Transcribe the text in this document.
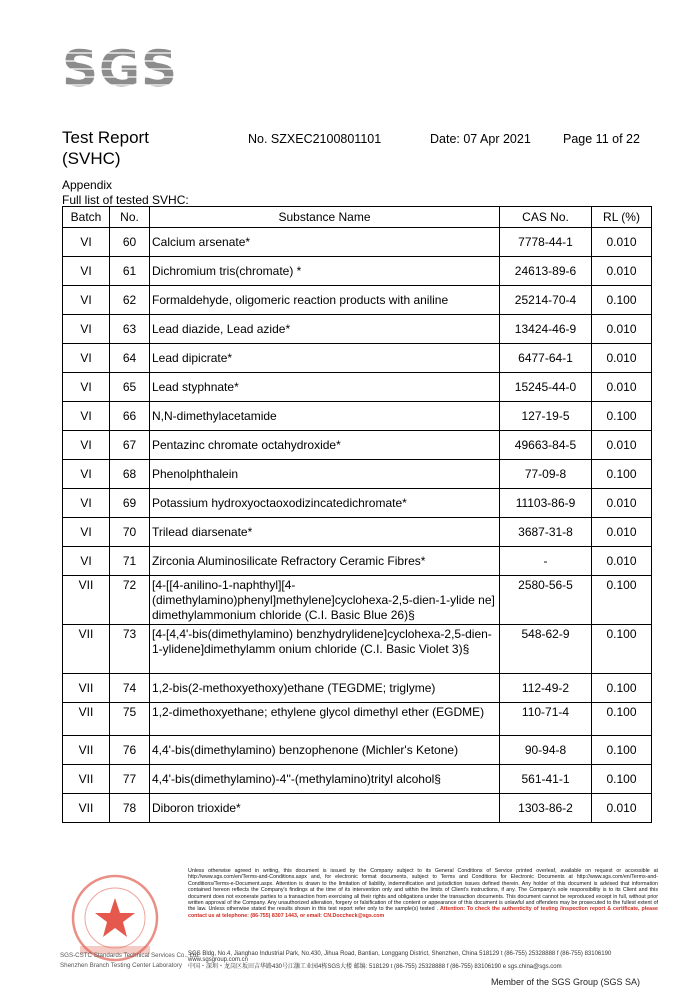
SGS
Test Report
(SVHC)
No. SZXEC2100801101	Date: 07 Apr 2021	Page 11 of 22
Appendix
Full list of tested SVHC:
Batch	No.	Substance Name	CAS No.	RL (%)
VI	60	Calcium arsenate*	7778-44-1	0.010
VI	61	Dichromium tris(chromate) *	24613-89-6	0.010
VI	62	Formaldehyde, oligomeric reaction products with aniline	25214-70-4	0.100
VI	63	Lead diazide, Lead azide*	13424-46-9	0.010
VI	64	Lead dipicrate*	6477-64-1	0.010
VI	65	Lead styphnate*	15245-44-0	0.010
VI	66	N,N-dimethylacetamide	127-19-5	0.100
VI	67	Pentazinc chromate octahydroxide*	49663-84-5	0.010
VI	68	Phenolphthalein	77-09-8	0.100
VI	69	Potassium hydroxyoctaoxodizincatedichromate*	11103-86-9	0.010
VI	70	Trilead diarsenate*	3687-31-8	0.010
VI	71	Zirconia Aluminosilicate Refractory Ceramic Fibres*	-	0.010
VII	72	[4-[[4-anilino-1-naphthyl][4-(dimethylamino)phenyl]methylene]cyclohexa-2,5-dien-1-ylide ne] dimethylammonium chloride (C.I. Basic Blue 26)§	2580-56-5	0.100
VII	73	[4-[4,4'-bis(dimethylamino) benzhydrylidene]cyclohexa-2,5-dien-1-ylidene]dimethylamm onium chloride (C.I. Basic Violet 3)§	548-62-9	0.100
VII	74	1,2-bis(2-methoxyethoxy)ethane (TEGDME; triglyme)	112-49-2	0.100
VII	75	1,2-dimethoxyethane; ethylene glycol dimethyl ether (EGDME)	110-71-4	0.100
VII	76	4,4'-bis(dimethylamino) benzophenone (Michler's Ketone)	90-94-8	0.100
VII	77	4,4'-bis(dimethylamino)-4''-(methylamino)trityl alcohol§	561-41-1	0.100
VII	78	Diboron trioxide*	1303-86-2	0.010
Unless otherwise agreed in writing, this document is issued by the Company subject to its General Conditions of Service printed overleaf, available on request or accessible at http://www.sgs.com/en/Terms-and-Conditions.aspx and, for electronic format documents, subject to Terms and Conditions for Electronic Documents at http://www.sgs.com/en/Terms-and-Conditions/Terms-e-Document.aspx. Attention is drawn to the limitation of liability, indemnification and jurisdiction issues defined therein. Any holder of this document is advised that information contained hereon reflects the Company's findings at the time of its intervention only and within the limits of Client's instructions, if any. The Company's sole responsibility is to its Client and this document does not exonerate parties to a transaction from exercising all their rights and obligations under the transaction documents. This document cannot be reproduced except in full, without prior written approval of the Company. Any unauthorized alteration, forgery or falsification of the content or appearance of this document is unlawful and offenders may be prosecuted to the fullest extent of the law. Unless otherwise stated the results shown in this test report refer only to the sample(s) tested . Attention: To check the authenticity of testing /inspection report & certificate, please contact us at telephone: (86-755) 8307 1443, or email: CN.Doccheck@sgs.com
SGS-CSTC Standards Technical Services Co., Ltd.
Shenzhen Branch Testing Center Laboratory
SGS Bldg, No.4, Jianghao Industrial Park, No.430, Jihua Road, Bantian, Longgang District, Shenzhen, China 518129 t (86-755) 25328888 f (86-755) 83106190 www.sgsgroup.com.cn
中国・深圳・龙岗区坂田吉华路430号江灏工业园4栋SGS大楼 邮编: 518129 t (86-755) 25328888 f (86-755) 83106190 e sgs.china@sgs.com
Member of the SGS Group (SGS SA)
